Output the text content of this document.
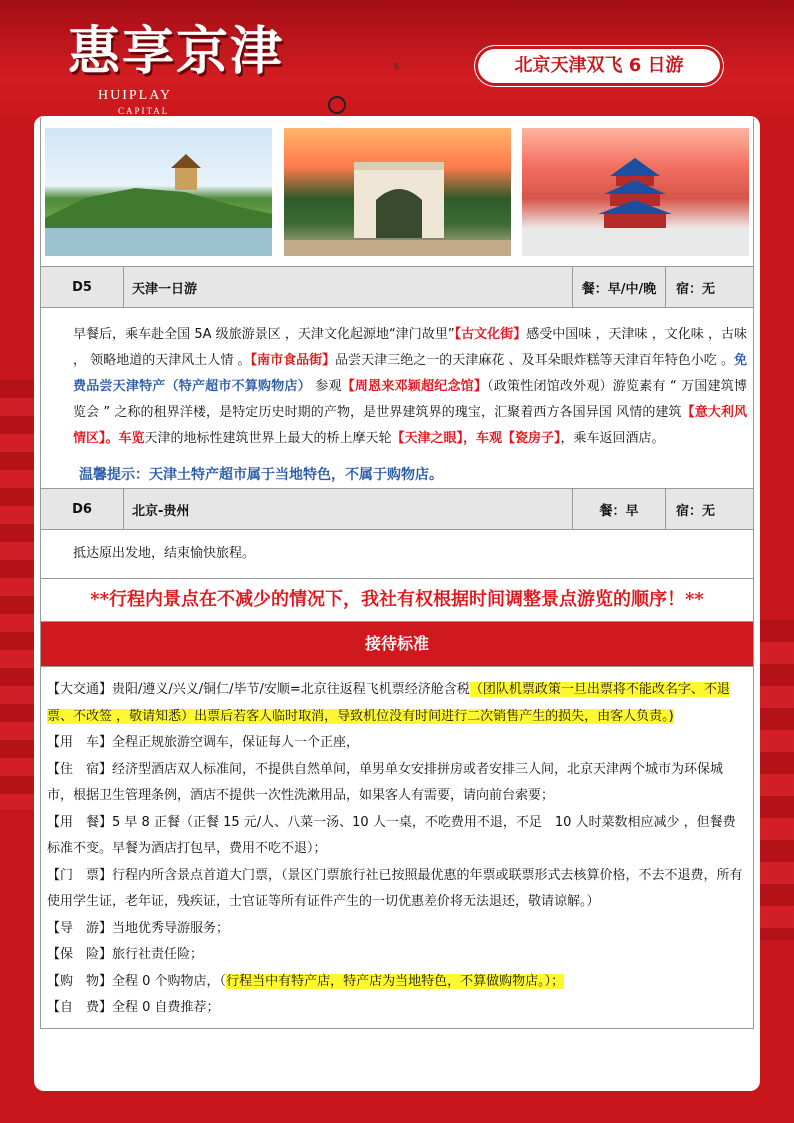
惠享京津
HUIPLAY
CAPITAL
5	北京天津双飞 6 日游
D5	天津一日游	餐：早/中/晚	宿：无
早餐后，乘车赴全国 5A 级旅游景区 ，天津文化起源地“津门故里”【古文化街】感受中国味 ，天津味 ，文化味 ，古味 ， 领略地道的天津风土人情 。【南市食品街】品尝天津三绝之一的天津麻花 、及耳朵眼炸糕等天津百年特色小吃 。免费品尝天津特产（特产超市不算购物店） 参观【周恩来邓颖超纪念馆】（政策性闭馆改外观）游览素有 “ 万国建筑博览会 ” 之称的租界洋楼，是特定历史时期的产物，是世界建筑界的瑰宝，汇聚着西方各国异国 风情的建筑【意大利风情区】。车览天津的地标性建筑世界上最大的桥上摩天轮【天津之眼】，车观【瓷房子】，乘车返回酒店。
温馨提示：天津土特产超市属于当地特色，不属于购物店。
D6	北京-贵州	餐：早	宿：无
抵达原出发地，结束愉快旅程。
**行程内景点在不减少的情况下，我社有权根据时间调整景点游览的顺序！**
接待标准

【大交通】贵阳/遵义/兴义/铜仁/毕节/安顺=北京往返程飞机票经济舱含税（团队机票政策一旦出票将不能改名字、不退票、不改签 ，敬请知悉）出票后若客人临时取消，导致机位没有时间进行二次销售产生的损失，由客人负责。)

【用　车】全程正规旅游空调车，保证每人一个正座，

【住　宿】经济型酒店双人标准间，不提供自然单间，单男单女安排拼房或者安排三人间，北京天津两个城市为环保城市，根据卫生管理条例，酒店不提供一次性洗漱用品，如果客人有需要，请向前台索要；

【用　餐】5 早 8 正餐（正餐 15 元/人、八菜一汤、10 人一桌，不吃费用不退，不足　10 人时菜数相应减少 ，但餐费标准不变。早餐为酒店打包早，费用不吃不退）；

【门　票】行程内所含景点首道大门票，（景区门票旅行社已按照最优惠的年票或联票形式去核算价格，不去不退费，所有使用学生证，老年证，残疾证，士官证等所有证件产生的一切优惠差价将无法退还，敬请谅解。）

【导　游】当地优秀导游服务；

【保　险】旅行社责任险；

【购　物】全程 0 个购物店，（行程当中有特产店，特产店为当地特色，不算做购物店。）；

【自　费】全程 0 自费推荐；
